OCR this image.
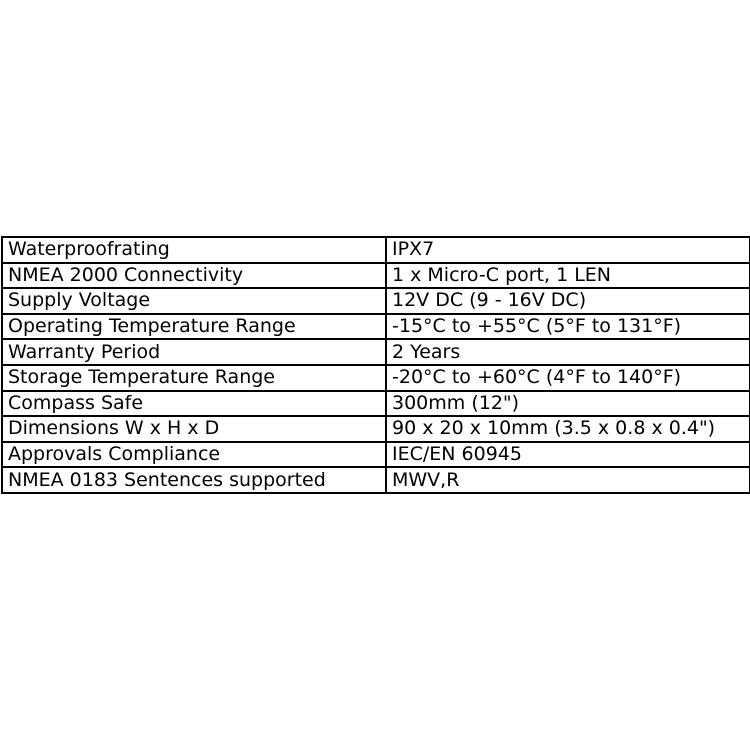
Waterproofrating	IPX7
NMEA 2000 Connectivity	1 x Micro-C port, 1 LEN
Supply Voltage	12V DC (9 - 16V DC)
Operating Temperature Range	-15°C to +55°C (5°F to 131°F)
Warranty Period	2 Years
Storage Temperature Range	-20°C to +60°C (4°F to 140°F)
Compass Safe	300mm (12")
Dimensions W x H x D	90 x 20 x 10mm (3.5 x 0.8 x 0.4")
Approvals Compliance	IEC/EN 60945
NMEA 0183 Sentences supported	MWV,R
